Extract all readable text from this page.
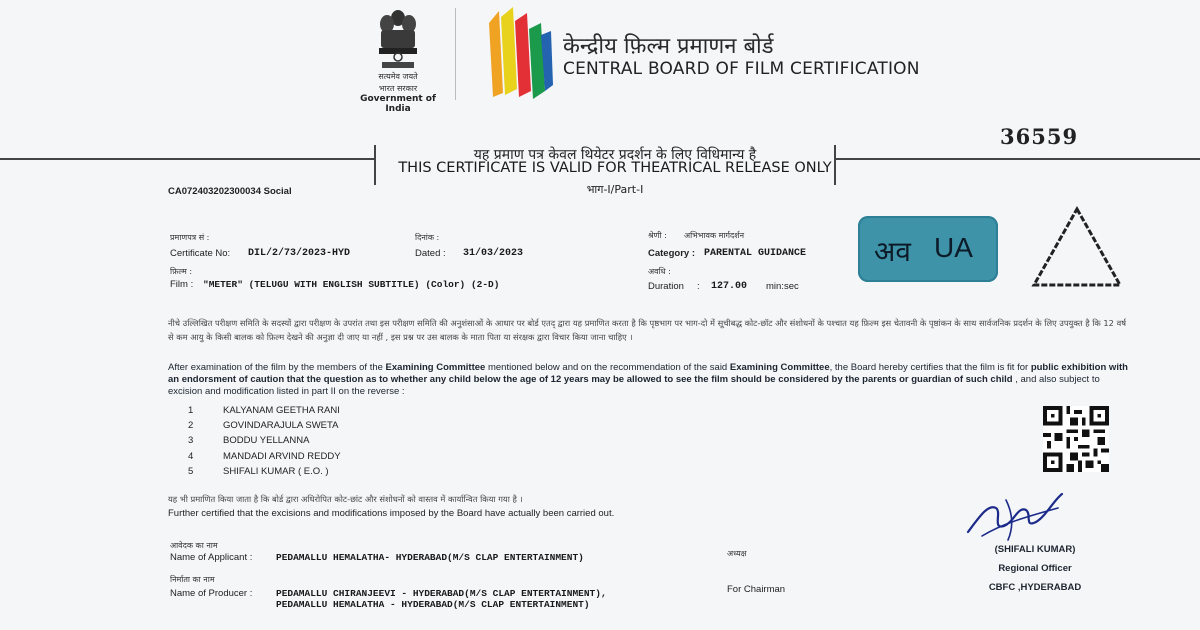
सत्यमेव जयते
भारत सरकार
Government of India
केन्द्रीय फ़िल्म प्रमाणन बोर्ड
CENTRAL BOARD OF FILM CERTIFICATION
36559
यह प्रमाण पत्र केवल थियेटर प्रदर्शन के लिए विधिमान्य है
THIS CERTIFICATE IS VALID FOR THEATRICAL RELEASE ONLY
भाग-I/Part-I
CA072403202300034 Social
प्रमाणपत्र सं :
Certificate No: DIL/2/73/2023-HYD
दिनांक :
Dated : 31/03/2023
श्रेणी : अभिभावक मार्गदर्शन
Category : PARENTAL GUIDANCE
फ़िल्म :
Film : "METER" (TELUGU WITH ENGLISH SUBTITLE) (Color) (2-D)
अवधि :
Duration : 127.00 min:sec
अव UA
नीचे उल्लिखित परीक्षण समिति के सदस्यों द्वारा परीक्षण के उपरांत तथा इस परीक्षण समिति की अनुशंसाओं के आधार पर बोर्ड एतद् द्वारा यह प्रमाणित करता है कि पृष्ठभाग पर भाग-दो में सूचीबद्ध कोट-छॉट और संशोधनों के पश्चात यह फ़िल्म इस चेतावनी के पृष्ठांकन के साथ सार्वजनिक प्रदर्शन के लिए उपयुक्त है कि 12 वर्ष से कम आयु के किसी बालक को फ़िल्म देखने की अनुज्ञा दी जाए या नहीं , इस प्रश्न पर उस बालक के माता पिता या संरक्षक द्वारा विचार किया जाना चाहिए ।
After examination of the film by the members of the Examining Committee mentioned below and on the recommendation of the said Examining Committee, the Board hereby certifies that the film is fit for public exhibition with an endorsment of caution that the question as to whether any child below the age of 12 years may be allowed to see the film should be considered by the parents or guardian of such child , and also subject to excision and modification listed in part II on the reverse :
1	KALYANAM GEETHA RANI
2	GOVINDARAJULA SWETA
3	BODDU YELLANNA
4	MANDADI ARVIND REDDY
5	SHIFALI KUMAR ( E.O. )
यह भी प्रमाणित किया जाता है कि बोर्ड द्वारा अधिरोपित कोट-छांट और संशोधनों को वास्तव में कार्यान्वित किया गया है ।
Further certified that the excisions and modifications imposed by the Board have actually been carried out.
आवेदक का नाम
Name of Applicant : PEDAMALLU HEMALATHA- HYDERABAD(M/S CLAP ENTERTAINMENT)
निर्माता का नाम
Name of Producer : PEDAMALLU CHIRANJEEVI - HYDERABAD(M/S CLAP ENTERTAINMENT),
PEDAMALLU HEMALATHA - HYDERABAD(M/S CLAP ENTERTAINMENT)
अध्यक्ष
For Chairman
(SHIFALI KUMAR)
Regional Officer
CBFC ,HYDERABAD
